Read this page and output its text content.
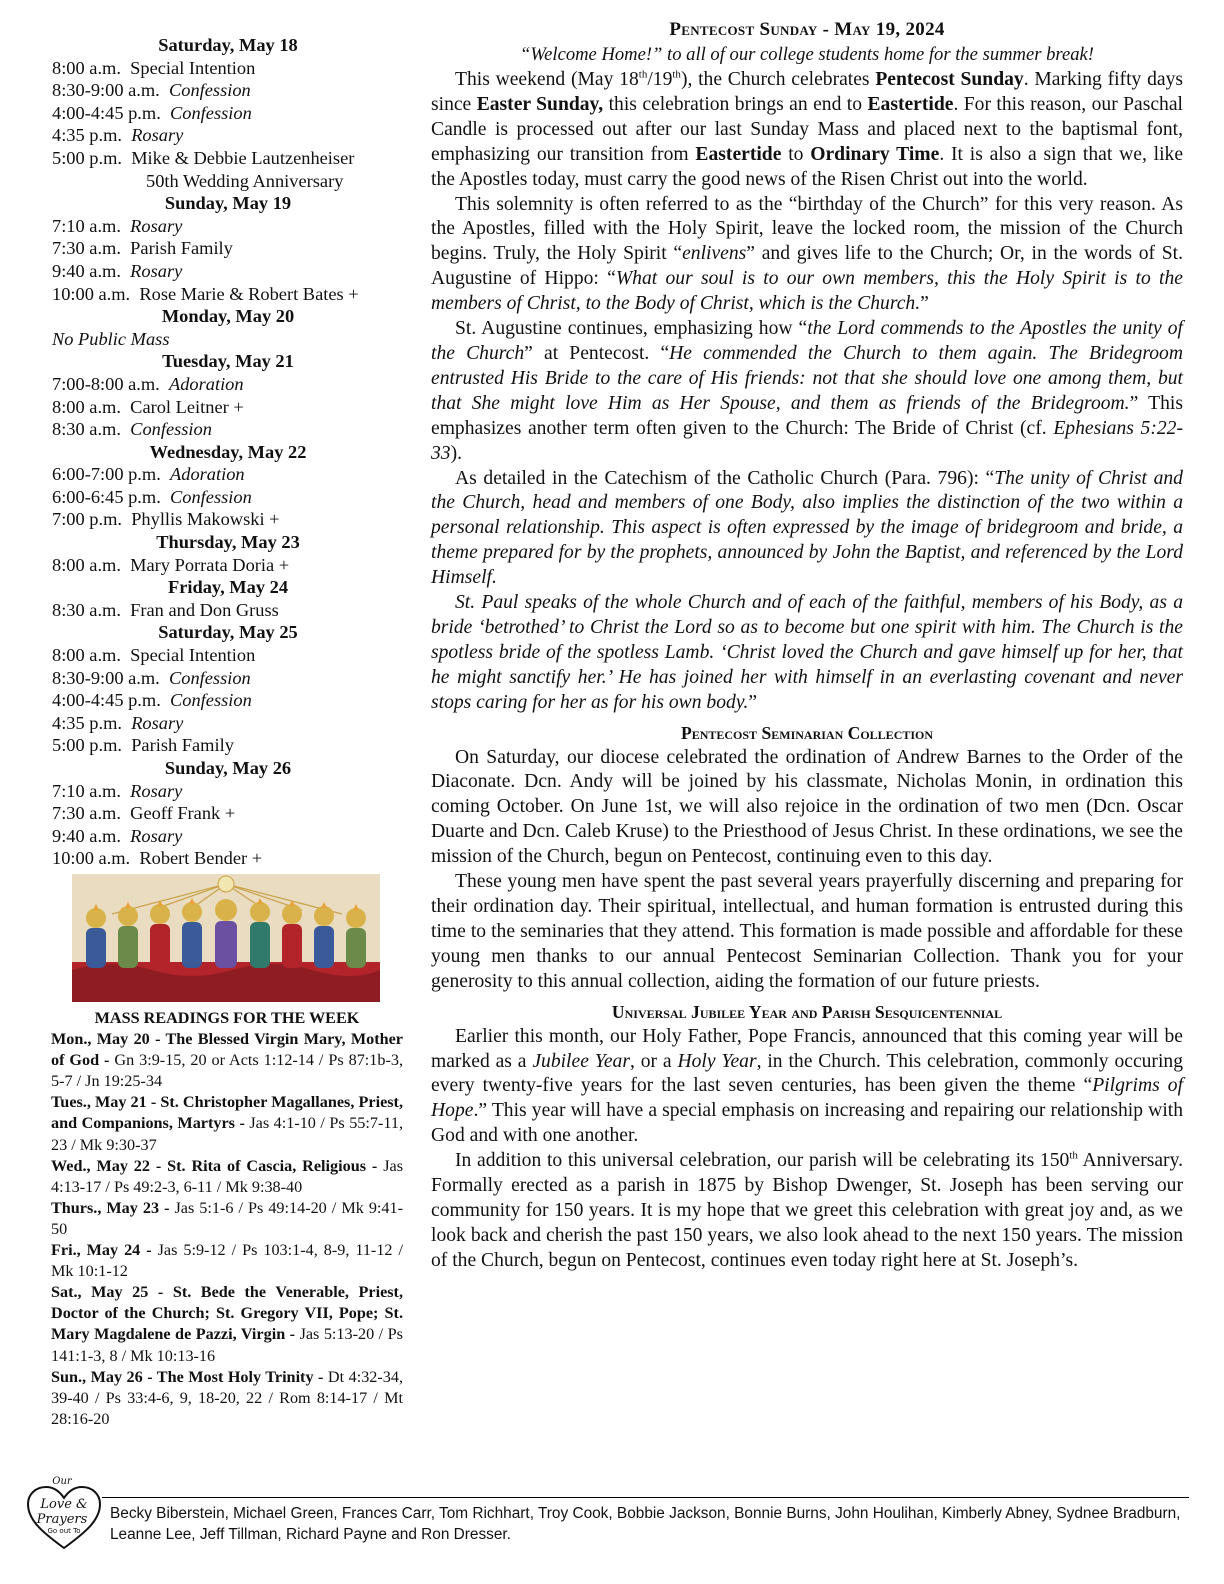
Saturday, May 18
8:00 a.m. Special Intention
8:30-9:00 a.m. Confession
4:00-4:45 p.m. Confession
4:35 p.m. Rosary
5:00 p.m. Mike & Debbie Lautzenheiser
50th Wedding Anniversary
Sunday, May 19
7:10 a.m. Rosary
7:30 a.m. Parish Family
9:40 a.m. Rosary
10:00 a.m. Rose Marie & Robert Bates +
Monday, May 20
No Public Mass
Tuesday, May 21
7:00-8:00 a.m. Adoration
8:00 a.m. Carol Leitner +
8:30 a.m. Confession
Wednesday, May 22
6:00-7:00 p.m. Adoration
6:00-6:45 p.m. Confession
7:00 p.m. Phyllis Makowski +
Thursday, May 23
8:00 a.m. Mary Porrata Doria +
Friday, May 24
8:30 a.m. Fran and Don Gruss
Saturday, May 25
8:00 a.m. Special Intention
8:30-9:00 a.m. Confession
4:00-4:45 p.m. Confession
4:35 p.m. Rosary
5:00 p.m. Parish Family
Sunday, May 26
7:10 a.m. Rosary
7:30 a.m. Geoff Frank +
9:40 a.m. Rosary
10:00 a.m. Robert Bender +
MASS READINGS FOR THE WEEK

Mon., May 20 - The Blessed Virgin Mary, Mother of God - Gn 3:9-15, 20 or Acts 1:12-14 / Ps 87:1b-3, 5-7 / Jn 19:25-34

Tues., May 21 - St. Christopher Magallanes, Priest, and Companions, Martyrs - Jas 4:1-10 / Ps 55:7-11, 23 / Mk 9:30-37

Wed., May 22 - St. Rita of Cascia, Religious - Jas 4:13-17 / Ps 49:2-3, 6-11 / Mk 9:38-40

Thurs., May 23 - Jas 5:1-6 / Ps 49:14-20 / Mk 9:41-50

Fri., May 24 - Jas 5:9-12 / Ps 103:1-4, 8-9, 11-12 / Mk 10:1-12

Sat., May 25 - St. Bede the Venerable, Priest, Doctor of the Church; St. Gregory VII, Pope; St. Mary Magdalene de Pazzi, Virgin - Jas 5:13-20 / Ps 141:1-3, 8 / Mk 10:13-16

Sun., May 26 - The Most Holy Trinity - Dt 4:32-34, 39-40 / Ps 33:4-6, 9, 18-20, 22 / Rom 8:14-17 / Mt 28:16-20

Pentecost Sunday - May 19, 2024
“Welcome Home!” to all of our college students home for the summer break!

This weekend (May 18th/19th), the Church celebrates Pentecost Sunday. Marking fifty days since Easter Sunday, this celebration brings an end to Eastertide. For this reason, our Paschal Candle is processed out after our last Sunday Mass and placed next to the baptismal font, emphasizing our transition from Eastertide to Ordinary Time. It is also a sign that we, like the Apostles today, must carry the good news of the Risen Christ out into the world.

This solemnity is often referred to as the “birthday of the Church” for this very reason. As the Apostles, filled with the Holy Spirit, leave the locked room, the mission of the Church begins. Truly, the Holy Spirit “enlivens” and gives life to the Church; Or, in the words of St. Augustine of Hippo: “What our soul is to our own members, this the Holy Spirit is to the members of Christ, to the Body of Christ, which is the Church.”

St. Augustine continues, emphasizing how “the Lord commends to the Apostles the unity of the Church” at Pentecost. “He commended the Church to them again. The Bridegroom entrusted His Bride to the care of His friends: not that she should love one among them, but that She might love Him as Her Spouse, and them as friends of the Bridegroom.” This emphasizes another term often given to the Church: The Bride of Christ (cf. Ephesians 5:22-33).

As detailed in the Catechism of the Catholic Church (Para. 796): “The unity of Christ and the Church, head and members of one Body, also implies the distinction of the two within a personal relationship. This aspect is often expressed by the image of bridegroom and bride, a theme prepared for by the prophets, announced by John the Baptist, and referenced by the Lord Himself.

St. Paul speaks of the whole Church and of each of the faithful, members of his Body, as a bride ‘betrothed’ to Christ the Lord so as to become but one spirit with him. The Church is the spotless bride of the spotless Lamb. ‘Christ loved the Church and gave himself up for her, that he might sanctify her.’ He has joined her with himself in an everlasting covenant and never stops caring for her as for his own body.”

Pentecost Seminarian Collection

On Saturday, our diocese celebrated the ordination of Andrew Barnes to the Order of the Diaconate. Dcn. Andy will be joined by his classmate, Nicholas Monin, in ordination this coming October. On June 1st, we will also rejoice in the ordination of two men (Dcn. Oscar Duarte and Dcn. Caleb Kruse) to the Priesthood of Jesus Christ. In these ordinations, we see the mission of the Church, begun on Pentecost, continuing even to this day.

These young men have spent the past several years prayerfully discerning and preparing for their ordination day. Their spiritual, intellectual, and human formation is entrusted during this time to the seminaries that they attend. This formation is made possible and affordable for these young men thanks to our annual Pentecost Seminarian Collection. Thank you for your generosity to this annual collection, aiding the formation of our future priests.

Universal Jubilee Year and Parish Sesquicentennial

Earlier this month, our Holy Father, Pope Francis, announced that this coming year will be marked as a Jubilee Year, or a Holy Year, in the Church. This celebration, commonly occuring every twenty-five years for the last seven centuries, has been given the theme “Pilgrims of Hope.” This year will have a special emphasis on increasing and repairing our relationship with God and with one another.

In addition to this universal celebration, our parish will be celebrating its 150th Anniversary. Formally erected as a parish in 1875 by Bishop Dwenger, St. Joseph has been serving our community for 150 years. It is my hope that we greet this celebration with great joy and, as we look back and cherish the past 150 years, we also look ahead to the next 150 years. The mission of the Church, begun on Pentecost, continues even today right here at St. Joseph’s.

Our
Love &
Prayers
Go out To
Becky Biberstein, Michael Green, Frances Carr, Tom Richhart, Troy Cook, Bobbie Jackson, Bonnie Burns, John Houlihan, Kimberly Abney, Sydnee Bradburn, Leanne Lee, Jeff Tillman, Richard Payne and Ron Dresser.
